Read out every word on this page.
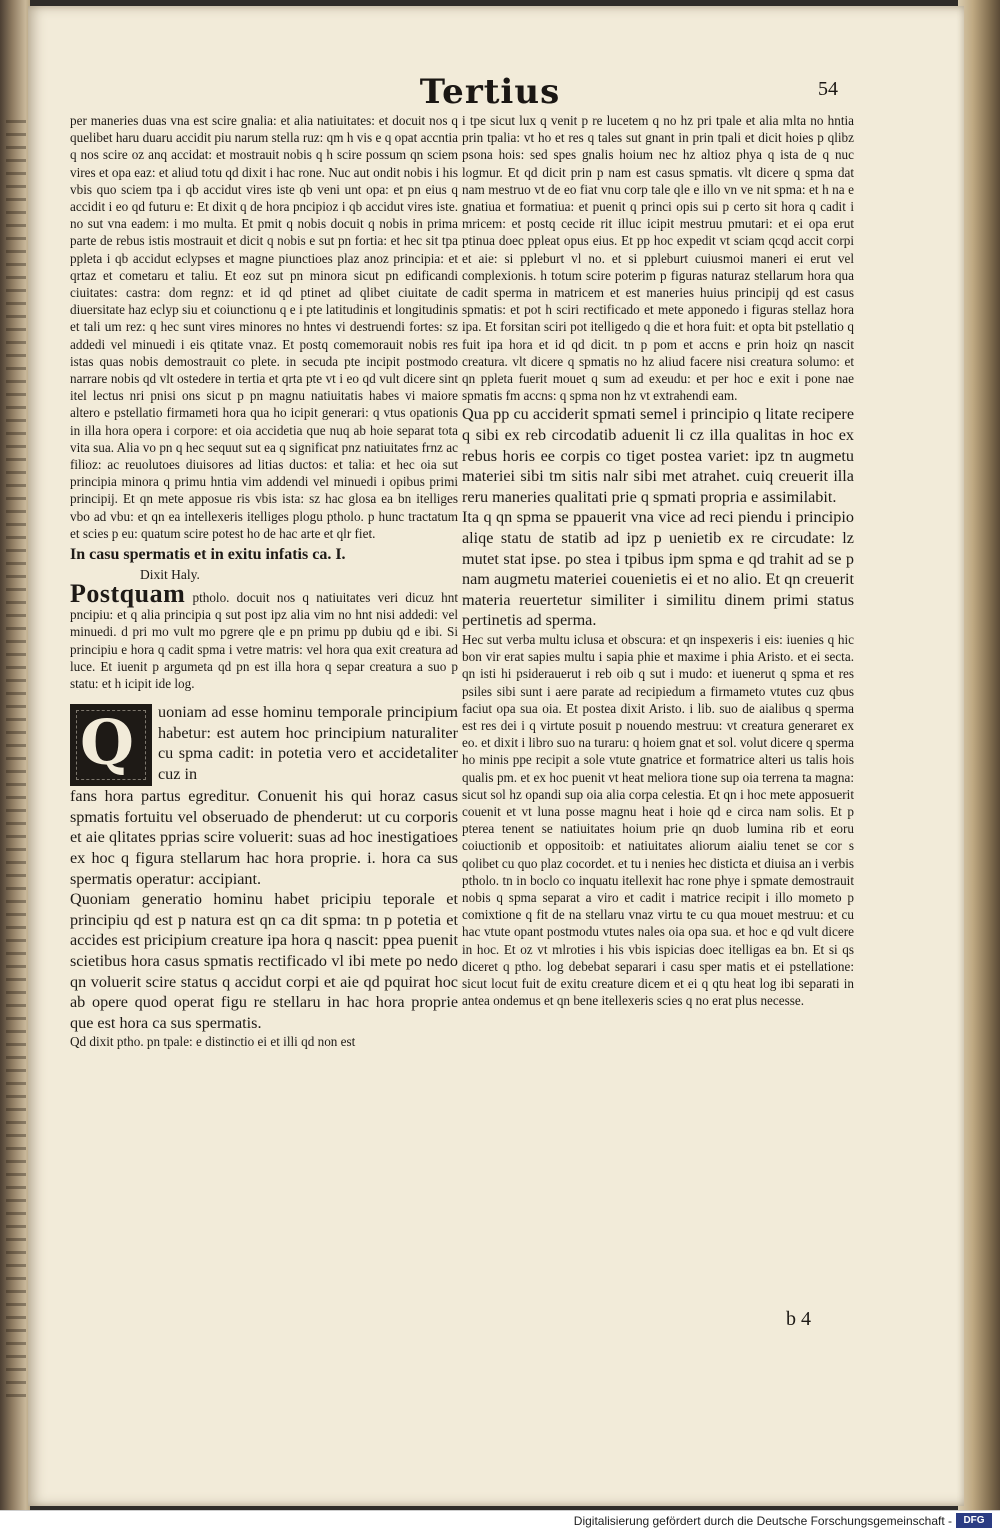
Tertius	54

per maneries duas vna est scire gnalia: et alia natiuitates: et docuit nos q quelibet haru duaru accidit piu narum stella ruz: qm h vis e q opat accntia q nos scire oz anq accidat: et mostrauit nobis q h scire possum qn sciem vires et opa eaz: et aliud totu qd dixit i hac rone. Nuc aut ondit nobis i his vbis quo sciem tpa i qb accidut vires iste qb veni unt opa: et pn eius q accidit i eo qd futuru e: Et dixit q de hora pncipioz i qb accidut vires iste. no sut vna eadem: i mo multa. Et pmit q nobis docuit q nobis in prima parte de rebus istis mostrauit et dicit q nobis e sut pn fortia: et hec sit tpa ppleta i qb accidut eclypses et magne piunctioes plaz anoz principia: et qrtaz et cometaru et taliu. Et eoz sut pn minora sicut pn edificandi ciuitates: castra: dom regnz: et id qd ptinet ad qlibet ciuitate de diuersitate haz eclyp siu et coiunctionu q e i pte latitudinis et longitudinis et tali um rez: q hec sunt vires minores no hntes vi destruendi fortes: sz addedi vel minuedi i eis qtitate vnaz. Et postq comemorauit nobis res istas quas nobis demostrauit co plete. in secuda pte incipit postmodo narrare nobis qd vlt ostedere in tertia et qrta pte vt i eo qd vult dicere sint itel lectus nri pnisi ons sicut p pn magnu natiuitatis habes vi maiore altero e pstellatio firmameti hora qua ho icipit generari: q vtus opationis in illa hora opera i corpore: et oia accidetia que nuq ab hoie separat tota vita sua. Alia vo pn q hec sequut sut ea q significat pnz natiuitates frnz ac filioz: ac reuolutoes diuisores ad litias ductos: et talia: et hec oia sut principia minora q primu hntia vim addendi vel minuedi i opibus primi principij. Et qn mete apposue ris vbis ista: sz hac glosa ea bn itelliges vbo ad vbu: et qn ea intellexeris itelliges plogu ptholo. p hunc tractatum et scies p eu: quatum scire potest ho de hac arte et qlr fiet.

In casu spermatis et in exitu infatis ca. I.

Dixit Haly.

Postquam ptholo. docuit nos q natiuitates veri dicuz hnt pncipiu: et q alia principia q sut post ipz alia vim no hnt nisi addedi: vel minuedi. d pri mo vult mo pgrere qle e pn primu pp dubiu qd e ibi. Si principiu e hora q cadit spma i vetre matris: vel hora qua exit creatura ad luce. Et iuenit p argumeta qd pn est illa hora q separ creatura a suo p statu: et h icipit ide log.

Q uoniam ad esse hominu temporale principium habetur: est autem hoc principium naturaliter cu spma cadit: in potetia vero et accidetaliter cuz in

fans hora partus egreditur. Conuenit his qui horaz casus spmatis fortuitu vel obseruado de phenderut: ut cu corporis et aie qlitates pprias scire voluerit: suas ad hoc inestigatioes ex hoc q figura stellarum hac hora proprie. i. hora ca sus spermatis operatur: accipiant.

Quoniam generatio hominu habet pricipiu teporale et principiu qd est p natura est qn ca dit spma: tn p potetia et accides est pricipium creature ipa hora q nascit: ppea puenit scietibus hora casus spmatis rectificado vl ibi mete po nedo qn voluerit scire status q accidut corpi et aie qd pquirat hoc ab opere quod operat figu re stellaru in hac hora proprie que est hora ca sus spermatis.

Qd dixit ptho. pn tpale: e distinctio ei et illi qd non est

i tpe sicut lux q venit p re lucetem q no hz pri tpale et alia mlta no hntia prin tpalia: vt ho et res q tales sut gnant in prin tpali et dicit hoies p qlibz psona hois: sed spes gnalis hoium nec hz altioz phya q ista de q nuc logmur. Et qd dicit prin p nam est casus spmatis. vlt dicere q spma dat nam mestruo vt de eo fiat vnu corp tale qle e illo vn ve nit spma: et h na e gnatiua et formatiua: et puenit q princi opis sui p certo sit hora q cadit i mricem: et postq cecide rit illuc icipit mestruu pmutari: et ei opa erut ptinua doec ppleat opus eius. Et pp hoc expedit vt sciam qcqd accit corpi et aie: si ppleburt vl no. et si ppleburt cuiusmoi maneri ei erut vel complexionis. h totum scire poterim p figuras naturaz stellarum hora qua cadit sperma in matricem et est maneries huius principij qd est casus spmatis: et pot h sciri rectificado et mete apponedo i figuras stellaz hora ipa. Et forsitan sciri pot itelligedo q die et hora fuit: et opta bit pstellatio q fuit ipa hora et id qd dicit. tn p pom et accns e prin hoiz qn nascit creatura. vlt dicere q spmatis no hz aliud facere nisi creatura solumo: et qn ppleta fuerit mouet q sum ad exeudu: et per hoc e exit i pone nae spmatis fm accns: q spma non hz vt extrahendi eam.

Qua pp cu acciderit spmati semel i principio q litate recipere q sibi ex reb circodatib aduenit li cz illa qualitas in hoc ex rebus horis ee corpis co tiget postea variet: ipz tn augmetu materiei sibi tm sitis nalr sibi met atrahet. cuiq creuerit illa reru maneries qualitati prie q spmati propria e assimilabit.

Ita q qn spma se ppauerit vna vice ad reci piendu i principio aliqe statu de statib ad ipz p uenietib ex re circudate: lz mutet stat ipse. po stea i tpibus ipm spma e qd trahit ad se p nam augmetu materiei couenietis ei et no alio. Et qn creuerit materia reuertetur similiter i similitu dinem primi status pertinetis ad sperma.

Hec sut verba multu iclusa et obscura: et qn inspexeris i eis: iuenies q hic bon vir erat sapies multu i sapia phie et maxime i phia Aristo. et ei secta. qn isti hi psiderauerut i reb oib q sut i mudo: et iuenerut q spma et res psiles sibi sunt i aere parate ad recipiedum a firmameto vtutes cuz qbus faciut opa sua oia. Et postea dixit Aristo. i lib. suo de aialibus q sperma est res dei i q virtute posuit p nouendo mestruu: vt creatura generaret ex eo. et dixit i libro suo na turaru: q hoiem gnat et sol. volut dicere q sperma ho minis ppe recipit a sole vtute gnatrice et formatrice alteri us talis hois qualis pm. et ex hoc puenit vt heat meliora tione sup oia terrena ta magna: sicut sol hz opandi sup oia alia corpa celestia. Et qn i hoc mete apposuerit couenit et vt luna posse magnu heat i hoie qd e circa nam solis. Et p pterea tenent se natiuitates hoium prie qn duob lumina rib et eoru coiuctionib et oppositoib: et natiuitates aliorum aialiu tenet se cor s qolibet cu quo plaz cocordet. et tu i nenies hec disticta et diuisa an i verbis ptholo. tn in boclo co inquatu itellexit hac rone phye i spmate demostrauit nobis q spma separat a viro et cadit i matrice recipit i illo mometo p comixtione q fit de na stellaru vnaz virtu te cu qua mouet mestruu: et cu hac vtute opant postmodu vtutes nales oia opa sua. et hoc e qd vult dicere in hoc. Et oz vt mlroties i his vbis ispicias doec itelligas ea bn. Et si qs diceret q ptho. log debebat separari i casu sper matis et ei pstellatione: sicut locut fuit de exitu creature dicem et ei q qtu heat log ibi separati in antea ondemus et qn bene itellexeris scies q no erat plus necesse.

b 4
Digitalisierung gefördert durch die Deutsche Forschungsgemeinschaft -	DFG
